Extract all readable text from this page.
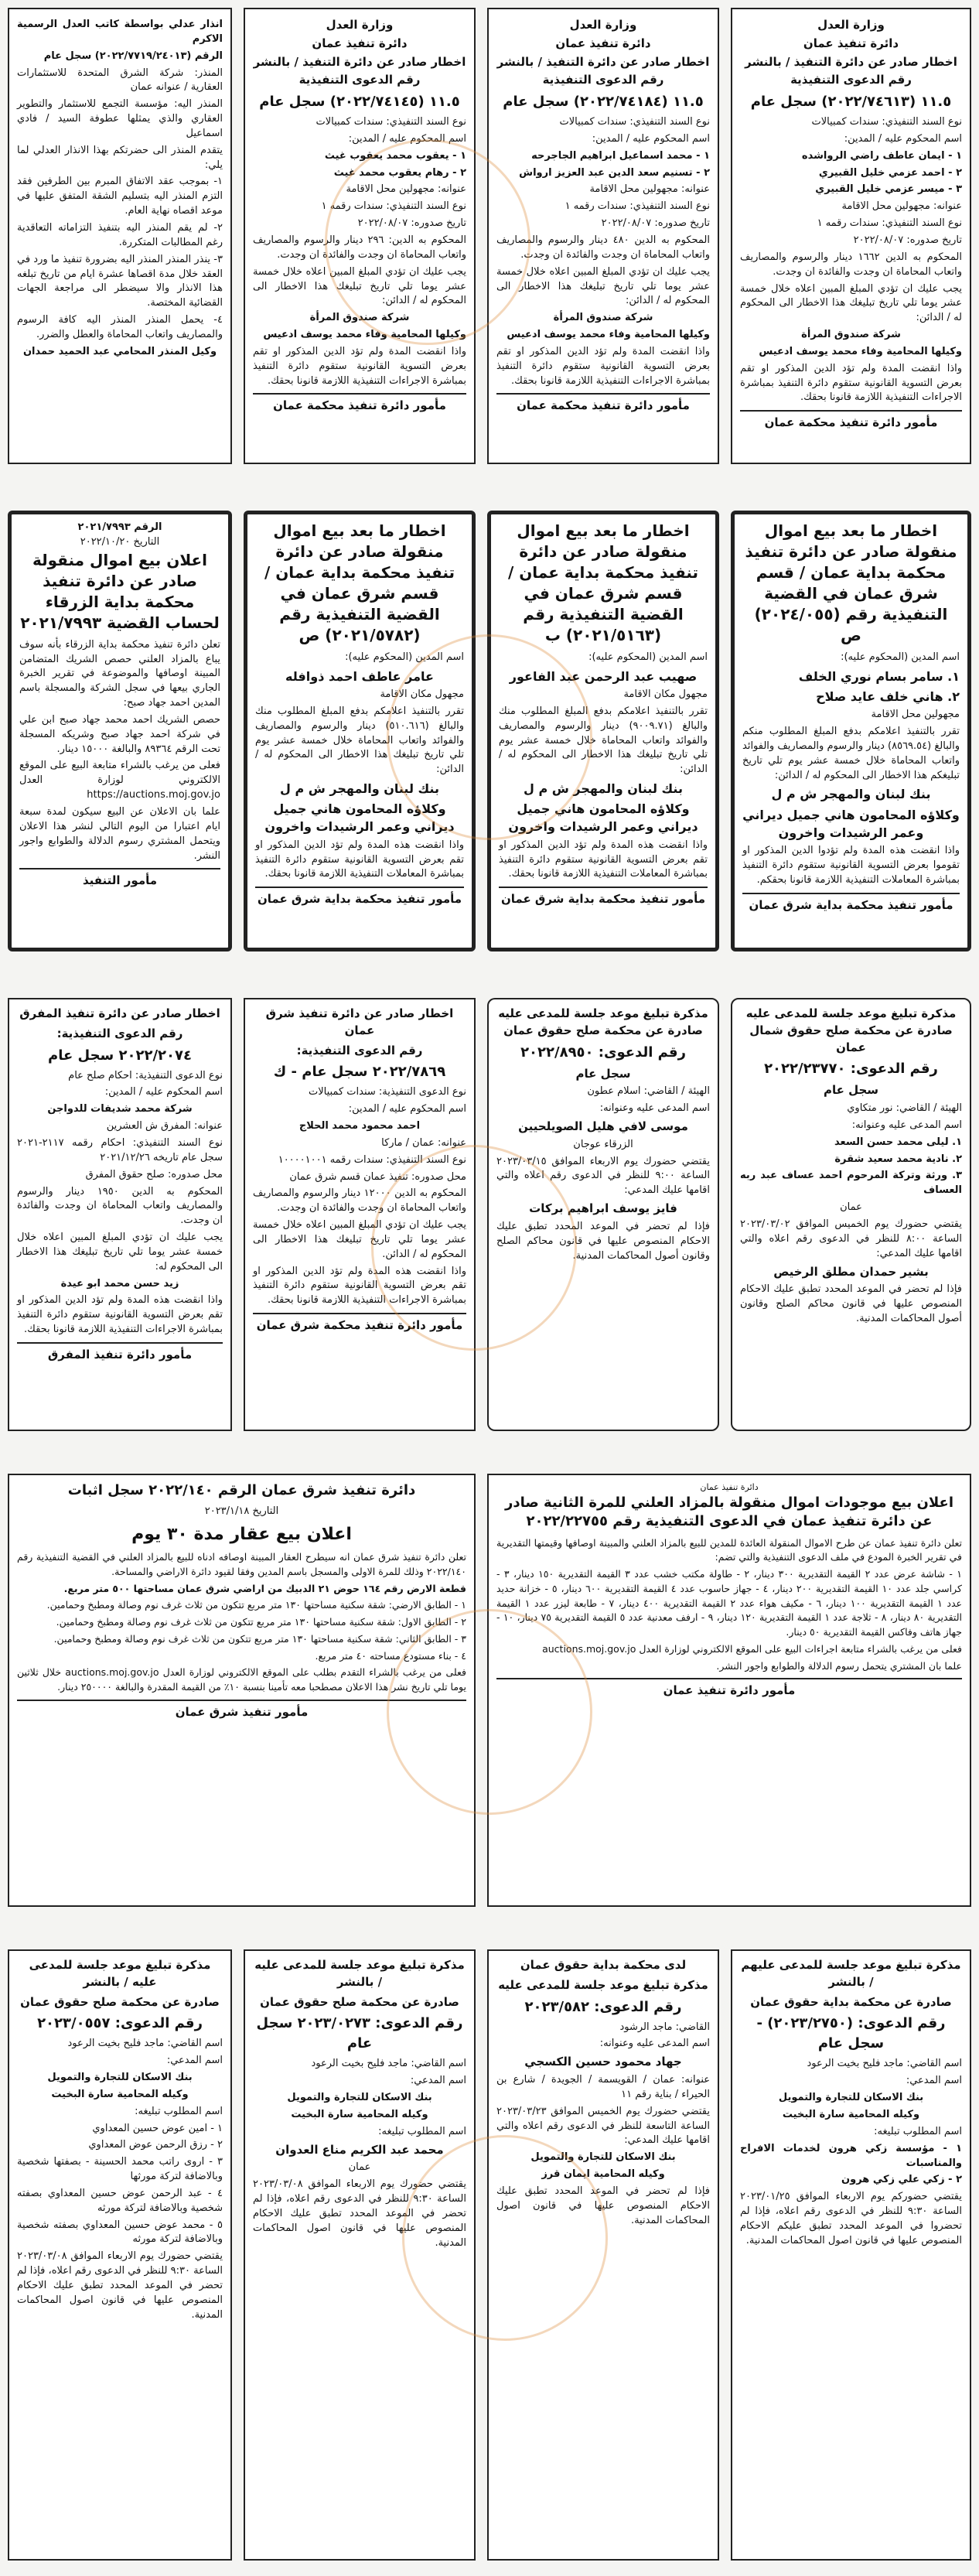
انذار عدلي بواسطة كاتب العدل الرسمية الاكرم

الرقم (٢٠٢٢/٧٧١٩/٢٤٠١٣) سجل عام

المنذر: شركة الشرق المتحدة للاستثمارات العقارية / عنوانه عمان

المنذر اليه: مؤسسة التجمع للاستثمار والتطوير العقاري والذي يمثلها عطوفة السيد / فادي اسماعيل

يتقدم المنذر الى حضرتكم بهذا الانذار العدلي لما يلي:

١- بموجب عقد الاتفاق المبرم بين الطرفين فقد التزم المنذر اليه بتسليم الشقة المتفق عليها في موعد اقصاه نهاية العام.

٢- لم يقم المنذر اليه بتنفيذ التزاماته التعاقدية رغم المطالبات المتكررة.

٣- ينذر المنذر المنذر اليه بضرورة تنفيذ ما ورد في العقد خلال مدة اقصاها عشرة ايام من تاريخ تبلغه هذا الانذار والا سيضطر الى مراجعة الجهات القضائية المختصة.

٤- يحمل المنذر المنذر اليه كافة الرسوم والمصاريف واتعاب المحاماة والعطل والضرر.

وكيل المنذر المحامي عبد الحميد حمدان

وزارة العدل
دائرة تنفيذ عمان
اخطار صادر عن دائرة التنفيذ / بالنشر
رقم الدعوى التنفيذية
١١.٥ (٢٠٢٢/٧٤١٤٥) سجل عام

نوع السند التنفيذي: سندات كمبيالات

اسم المحكوم عليه / المدين:

١ - يعقوب محمد يعقوب غيث

٢ - رهام يعقوب محمد غيث

عنوانه: مجهولين محل الاقامة

نوع السند التنفيذي: سندات رقمه ١

تاريخ صدوره: ٢٠٢٢/٠٨/٠٧

المحكوم به الدين: ٢٩٦ دينار والرسوم والمصاريف واتعاب المحاماة ان وجدت والفائدة ان وجدت.

يجب عليك ان تؤدي المبلغ المبين اعلاه خلال خمسة عشر يوما تلي تاريخ تبليغك هذا الاخطار الى المحكوم له / الدائن:

شركة صندوق المرأة

وكيلها المحامية وفاء محمد يوسف ادعيس

واذا انقضت المدة ولم تؤد الدين المذكور او تقم بعرض التسوية القانونية ستقوم دائرة التنفيذ بمباشرة الاجراءات التنفيذية اللازمة قانونا بحقك.

مأمور دائرة تنفيذ محكمة عمان
وزارة العدل
دائرة تنفيذ عمان
اخطار صادر عن دائرة التنفيذ / بالنشر
رقم الدعوى التنفيذية
١١.٥ (٢٠٢٢/٧٤١٨٤) سجل عام

نوع السند التنفيذي: سندات كمبيالات

اسم المحكوم عليه / المدين:

١ - محمد اسماعيل ابراهيم الجاجرحه

٢ - تسنيم سعد الدين عبد العزيز ارواش

عنوانه: مجهولين محل الاقامة

نوع السند التنفيذي: سندات رقمه ١

تاريخ صدوره: ٢٠٢٢/٠٨/٠٧

المحكوم به الدين ٤٨٠ دينار والرسوم والمصاريف واتعاب المحاماة ان وجدت والفائدة ان وجدت.

يجب عليك ان تؤدي المبلغ المبين اعلاه خلال خمسة عشر يوما تلي تاريخ تبليغك هذا الاخطار الى المحكوم له / الدائن:

شركة صندوق المرأة

وكيلها المحامية وفاء محمد يوسف ادعيس

واذا انقضت المدة ولم تؤد الدين المذكور او تقم بعرض التسوية القانونية ستقوم دائرة التنفيذ بمباشرة الاجراءات التنفيذية اللازمة قانونا بحقك.

مأمور دائرة تنفيذ محكمة عمان
وزارة العدل
دائرة تنفيذ عمان
اخطار صادر عن دائرة التنفيذ / بالنشر
رقم الدعوى التنفيذية
١١.٥ (٢٠٢٢/٧٤٦١٣) سجل عام

نوع السند التنفيذي: سندات كمبيالات

اسم المحكوم عليه / المدين:

١ - ايمان عاطف راضي الرواشده

٢ - احمد عزمي خليل القبيري

٣ - ميسر عزمي خليل القبيري

عنوانه: مجهولين محل الاقامة

نوع السند التنفيذي: سندات رقمه ١

تاريخ صدوره: ٢٠٢٢/٠٨/٠٧

المحكوم به الدين ١٦٦٢ دينار والرسوم والمصاريف واتعاب المحاماة ان وجدت والفائدة ان وجدت.

يجب عليك ان تؤدي المبلغ المبين اعلاه خلال خمسة عشر يوما تلي تاريخ تبليغك هذا الاخطار الى المحكوم له / الدائن:

شركة صندوق المرأة

وكيلها المحامية وفاء محمد يوسف ادعيس

واذا انقضت المدة ولم تؤد الدين المذكور او تقم بعرض التسوية القانونية ستقوم دائرة التنفيذ بمباشرة الاجراءات التنفيذية اللازمة قانونا بحقك.

مأمور دائرة تنفيذ محكمة عمان
الرقم ٢٠٢١/٧٩٩٣
التاريخ ٢٠٢٢/١٠/٢٠
اعلان بيع اموال منقولة صادر عن دائرة تنفيذ محكمة بداية الزرقاء لحساب القضية ٢٠٢١/٧٩٩٣

تعلن دائرة تنفيذ محكمة بداية الزرقاء بأنه سوف يباع بالمزاد العلني حصص الشريك المتضامن المبينة اوصافها والموضوعة في تقرير الخبرة الجاري بيعها في سجل الشركة والمسجلة باسم المدين احمد جهاد صبح:

حصص الشريك احمد محمد جهاد صبح ابن علي في شركة احمد جهاد صبح وشريكه المسجلة تحت الرقم ٨٩٣٦٤ والبالغة ١٥٠٠٠ دينار.

فعلى من يرغب بالشراء متابعة البيع على الموقع الالكتروني لوزارة العدل https://auctions.moj.gov.jo

علما بان الاعلان عن البيع سيكون لمدة سبعة ايام اعتبارا من اليوم التالي لنشر هذا الاعلان ويتحمل المشتري رسوم الدلالة والطوابع واجور النشر.

مأمور التنفيذ
اخطار ما بعد بيع اموال منقولة صادر عن دائرة تنفيذ محكمة بداية عمان / قسم شرق عمان في القضية التنفيذية رقم (٢٠٢١/٥٧٨٢) ص

اسم المدين (المحكوم عليه):

عامر عاطف احمد ذوافله

مجهول مكان الاقامة

تقرر بالتنفيذ اعلامكم بدفع المبلغ المطلوب منك والبالغ (٥١٠.٦١٦) دينار والرسوم والمصاريف والفوائد واتعاب المحاماة خلال خمسة عشر يوم تلي تاريخ تبليغك هذا الاخطار الى المحكوم له / الدائن:

بنك لبنان والمهجر ش م ل

وكلاؤه المحامون هاني جميل ديراني وعمر الرشيدات واخرون

واذا انقضت هذه المدة ولم تؤد الدين المذكور او تقم بعرض التسوية القانونية ستقوم دائرة التنفيذ بمباشرة المعاملات التنفيذية اللازمة قانونا بحقك.

مأمور تنفيذ محكمة بداية شرق عمان
اخطار ما بعد بيع اموال منقولة صادر عن دائرة تنفيذ محكمة بداية عمان / قسم شرق عمان في القضية التنفيذية رقم (٢٠٢١/٥١٦٣) ب

اسم المدين (المحكوم عليه):

صهيب عبد الرحمن عبد الفاعور

مجهول مكان الاقامة

تقرر بالتنفيذ اعلامكم بدفع المبلغ المطلوب منك والبالغ (٩٠٠٩.٧١) دينار والرسوم والمصاريف والفوائد واتعاب المحاماة خلال خمسة عشر يوم تلي تاريخ تبليغك هذا الاخطار الى المحكوم له / الدائن:

بنك لبنان والمهجر ش م ل

وكلاؤه المحامون هاني جميل ديراني وعمر الرشيدات واخرون

واذا انقضت هذه المدة ولم تؤد الدين المذكور او تقم بعرض التسوية القانونية ستقوم دائرة التنفيذ بمباشرة المعاملات التنفيذية اللازمة قانونا بحقك.

مأمور تنفيذ محكمة بداية شرق عمان
اخطار ما بعد بيع اموال منقولة صادر عن دائرة تنفيذ محكمة بداية عمان / قسم شرق عمان في القضية التنفيذية رقم (٢٠٢٤/٠٥٥) ص

اسم المدين (المحكوم عليه):

١. سامر بسام نوري الخلف

٢. هاني خلف عايد صلاح

مجهولين محل الاقامة

تقرر بالتنفيذ اعلامكم بدفع المبلغ المطلوب منكم والبالغ (٨٥٦٩.٥٤) دينار والرسوم والمصاريف والفوائد واتعاب المحاماة خلال خمسة عشر يوم تلي تاريخ تبليغكم هذا الاخطار الى المحكوم له / الدائن:

بنك لبنان والمهجر ش م ل

وكلاؤه المحامون هاني جميل ديراني وعمر الرشيدات واخرون

واذا انقضت هذه المدة ولم تؤدوا الدين المذكور او تقوموا بعرض التسوية القانونية ستقوم دائرة التنفيذ بمباشرة المعاملات التنفيذية اللازمة قانونا بحقكم.

مأمور تنفيذ محكمة بداية شرق عمان
اخطار صادر عن دائرة تنفيذ المفرق
رقم الدعوى التنفيذية:
٢٠٢٢/٢٠٧٤ سجل عام

نوع الدعوى التنفيذية: احكام صلح عام

اسم المحكوم عليه / المدين:

شركة محمد شديفات للدواجن

عنوانه: المفرق ش العشرين

نوع السند التنفيذي: احكام رقمه ٢١١٧-٢٠٢١ سجل عام تاريخه ٢٠٢١/١٢/٢٦

محل صدوره: صلح حقوق المفرق

المحكوم به الدين ١٩٥٠ دينار والرسوم والمصاريف واتعاب المحاماة ان وجدت والفائدة ان وجدت.

يجب عليك ان تؤدي المبلغ المبين اعلاه خلال خمسة عشر يوما تلي تاريخ تبليغك هذا الاخطار الى المحكوم له:

زيد حسن محمد ابو عيدة

واذا انقضت هذه المدة ولم تؤد الدين المذكور او تقم بعرض التسوية القانونية ستقوم دائرة التنفيذ بمباشرة الاجراءات التنفيذية اللازمة قانونا بحقك.

مأمور دائرة تنفيذ المفرق
اخطار صادر عن دائرة تنفيذ شرق عمان
رقم الدعوى التنفيذية:
٢٠٢٢/٧٨٦٩ سجل عام - ك

نوع الدعوى التنفيذية: سندات كمبيالات

اسم المحكوم عليه / المدين:

احمد محمود محمد الحلاج

عنوانه: عمان / ماركا

نوع السند التنفيذي: سندات رقمه ١٠٠٠٠١٠٠١

محل صدوره: تنفيذ عمان قسم شرق عمان

المحكوم به الدين ١٢٠٠٠ دينار والرسوم والمصاريف واتعاب المحاماة ان وجدت والفائدة ان وجدت.

يجب عليك ان تؤدي المبلغ المبين اعلاه خلال خمسة عشر يوما تلي تاريخ تبليغك هذا الاخطار الى المحكوم له / الدائن.

واذا انقضت هذه المدة ولم تؤد الدين المذكور او تقم بعرض التسوية القانونية ستقوم دائرة التنفيذ بمباشرة الاجراءات التنفيذية اللازمة قانونا بحقك.

مأمور دائرة تنفيذ محكمة شرق عمان
مذكرة تبليغ موعد جلسة للمدعى عليه صادرة عن محكمة صلح حقوق عمان
رقم الدعوى: ٢٠٢٢/٨٩٥٠
سجل عام

الهيئة / القاضي: اسلام عطون

اسم المدعى عليه وعنوانه:

موسى لافي هليل الصويلحيين

الزرقاء عوجان

يقتضي حضورك يوم الاربعاء الموافق ٢٠٢٣/٠٣/١٥ الساعة ٩:٠٠ للنظر في الدعوى رقم اعلاه والتي اقامها عليك المدعي:

فايز يوسف ابراهيم بركات

فإذا لم تحضر في الموعد المحدد تطبق عليك الاحكام المنصوص عليها في قانون محاكم الصلح وقانون أصول المحاكمات المدنية.

مذكرة تبليغ موعد جلسة للمدعى عليه صادرة عن محكمة صلح حقوق شمال عمان
رقم الدعوى: ٢٠٢٢/٢٣٧٧٠
سجل عام

الهيئة / القاضي: نور متكاوي

اسم المدعى عليه وعنوانه:

١. ليلى محمد حسن السعد

٢. نادية محمد سعيد شقرة

٣. ورثة وتركة المرحوم احمد عساف عبد ربه العساف

عمان

يقتضي حضورك يوم الخميس الموافق ٢٠٢٣/٠٣/٠٢ الساعة ٨:٠٠ للنظر في الدعوى رقم اعلاه والتي اقامها عليك المدعي:

بشير حمدان مطلق الرخيص

فإذا لم تحضر في الموعد المحدد تطبق عليك الاحكام المنصوص عليها في قانون محاكم الصلح وقانون أصول المحاكمات المدنية.

دائرة تنفيذ شرق عمان الرقم ٢٠٢٢/١٤٠ سجل اثبات
التاريخ ٢٠٢٣/١/١٨
اعلان بيع عقار مدة ٣٠ يوم

تعلن دائرة تنفيذ شرق عمان انه سيطرح العقار المبينة اوصافه ادناه للبيع بالمزاد العلني في القضية التنفيذية رقم ٢٠٢٢/١٤٠ وذلك للمرة الاولى والمسجل باسم المدين وفقا لقيود دائرة الاراضي والمساحة.

قطعة الارض رقم ١٦٤ حوض ٢١ الدبيك من اراضي شرق عمان مساحتها ٥٠٠ متر مربع.

١ - الطابق الارضي: شقة سكنية مساحتها ١٣٠ متر مربع تتكون من ثلاث غرف نوم وصالة ومطبخ وحمامين.

٢ - الطابق الاول: شقة سكنية مساحتها ١٣٠ متر مربع تتكون من ثلاث غرف نوم وصالة ومطبخ وحمامين.

٣ - الطابق الثاني: شقة سكنية مساحتها ١٣٠ متر مربع تتكون من ثلاث غرف نوم وصالة ومطبخ وحمامين.

٤ - بناء مستودع مساحته ٤٠ متر مربع.

فعلى من يرغب بالشراء التقدم بطلب على الموقع الالكتروني لوزارة العدل auctions.moj.gov.jo خلال ثلاثين يوما تلي تاريخ نشر هذا الاعلان مصطحبا معه تأمينا بنسبة ١٠٪ من القيمة المقدرة والبالغة ٢٥٠٠٠٠ دينار.

مأمور تنفيذ شرق عمان
دائرة تنفيذ عمان
اعلان بيع موجودات اموال منقولة بالمزاد العلني للمرة الثانية صادر عن دائرة تنفيذ عمان في الدعوى التنفيذية رقم ٢٠٢٢/٢٢٧٥٥

تعلن دائرة تنفيذ عمان عن طرح الاموال المنقولة العائدة للمدين للبيع بالمزاد العلني والمبينة اوصافها وقيمتها التقديرية في تقرير الخبرة المودع في ملف الدعوى التنفيذية والتي تضم:

١ - شاشة عرض عدد ٢ القيمة التقديرية ٣٠٠ دينار، ٢ - طاولة مكتب خشب عدد ٣ القيمة التقديرية ١٥٠ دينار، ٣ - كراسي جلد عدد ١٠ القيمة التقديرية ٢٠٠ دينار، ٤ - جهاز حاسوب عدد ٤ القيمة التقديرية ٦٠٠ دينار، ٥ - خزانة حديد عدد ١ القيمة التقديرية ١٠٠ دينار، ٦ - مكيف هواء عدد ٢ القيمة التقديرية ٤٠٠ دينار، ٧ - طابعة ليزر عدد ١ القيمة التقديرية ٨٠ دينار، ٨ - ثلاجة عدد ١ القيمة التقديرية ١٢٠ دينار، ٩ - ارفف معدنية عدد ٥ القيمة التقديرية ٧٥ دينار، ١٠ - جهاز هاتف وفاكس القيمة التقديرية ٥٠ دينار.

فعلى من يرغب بالشراء متابعة اجراءات البيع على الموقع الالكتروني لوزارة العدل auctions.moj.gov.jo

علما بان المشتري يتحمل رسوم الدلالة والطوابع واجور النشر.

مأمور دائرة تنفيذ عمان
مذكرة تبليغ موعد جلسة للمدعى عليه / بالنشر
صادرة عن محكمة صلح حقوق عمان
رقم الدعوى: ٢٠٢٣/٠٥٥٧

اسم القاضي: ماجد فليح بخيت الرعود

اسم المدعي:

بنك الاسكان للتجارة والتمويل

وكيله المحامية سارة البخيت

اسم المطلوب تبليغه:

١ - امين عوض حسين المعداوي

٢ - رزق الرحمن عوض المعداوي

٣ - اروى راتب محمد الحسينة - بصفتها شخصية وبالاضافة لتركة مورثها

٤ - عبد الرحمن عوض حسين المعداوي بصفته شخصية وبالاضافة لتركة مورثه

٥ - محمد عوض حسين المعداوي بصفته شخصية وبالاضافة لتركة مورثه

يقتضي حضورك يوم الاربعاء الموافق ٢٠٢٣/٠٣/٠٨ الساعة ٩:٣٠ للنظر في الدعوى رقم اعلاه، فإذا لم تحضر في الموعد المحدد تطبق عليك الاحكام المنصوص عليها في قانون اصول المحاكمات المدنية.

مذكرة تبليغ موعد جلسة للمدعى عليه / بالنشر
صادرة عن محكمة صلح حقوق عمان
رقم الدعوى: ٢٠٢٣/٠٢٧٣ سجل عام

اسم القاضي: ماجد فليح بخيت الرعود

اسم المدعي:

بنك الاسكان للتجارة والتمويل

وكيله المحامية سارة البخيت

اسم المطلوب تبليغه:

محمد عبد الكريم مناع العدوان

عمان

يقتضي حضورك يوم الاربعاء الموافق ٢٠٢٣/٠٣/٠٨ الساعة ٩:٣٠ للنظر في الدعوى رقم اعلاه، فإذا لم تحضر في الموعد المحدد تطبق عليك الاحكام المنصوص عليها في قانون اصول المحاكمات المدنية.

لدى محكمة بداية حقوق عمان
مذكرة تبليغ موعد جلسة للمدعى عليه
رقم الدعوى: ٢٠٢٣/٥٨٢

القاضي: ماجد الرشود

اسم المدعى عليه وعنوانه:

جهاد محمود حسين الكسجي

عنوانه: عمان / القويسمة / الجويدة / شارع بن الحيراء / بناية رقم ١١

يقتضي حضورك يوم الخميس الموافق ٢٠٢٣/٠٣/٢٣ الساعة التاسعة للنظر في الدعوى رقم اعلاه والتي اقامها عليك المدعي:

بنك الاسكان للتجارة والتمويل

وكيله المحامية ايمان قرز

فإذا لم تحضر في الموعد المحدد تطبق عليك الاحكام المنصوص عليها في قانون اصول المحاكمات المدنية.

مذكرة تبليغ موعد جلسة للمدعى عليهم / بالنشر
صادرة عن محكمة بداية حقوق عمان
رقم الدعوى: (٢٠٢٣/٢٧٥٠) - سجل عام

اسم القاضي: ماجد فليح بخيت الرعود

اسم المدعي:

بنك الاسكان للتجارة والتمويل

وكيله المحامية سارة البخيت

اسم المطلوب تبليغه:

١ - مؤسسة زكي هرون لخدمات الافراح والمناسبات

٢ - زكي علي زكي هرون

يقتضي حضوركم يوم الاربعاء الموافق ٢٠٢٣/٠١/٢٥ الساعة ٩:٣٠ للنظر في الدعوى رقم اعلاه، فإذا لم تحضروا في الموعد المحدد تطبق عليكم الاحكام المنصوص عليها في قانون اصول المحاكمات المدنية.
